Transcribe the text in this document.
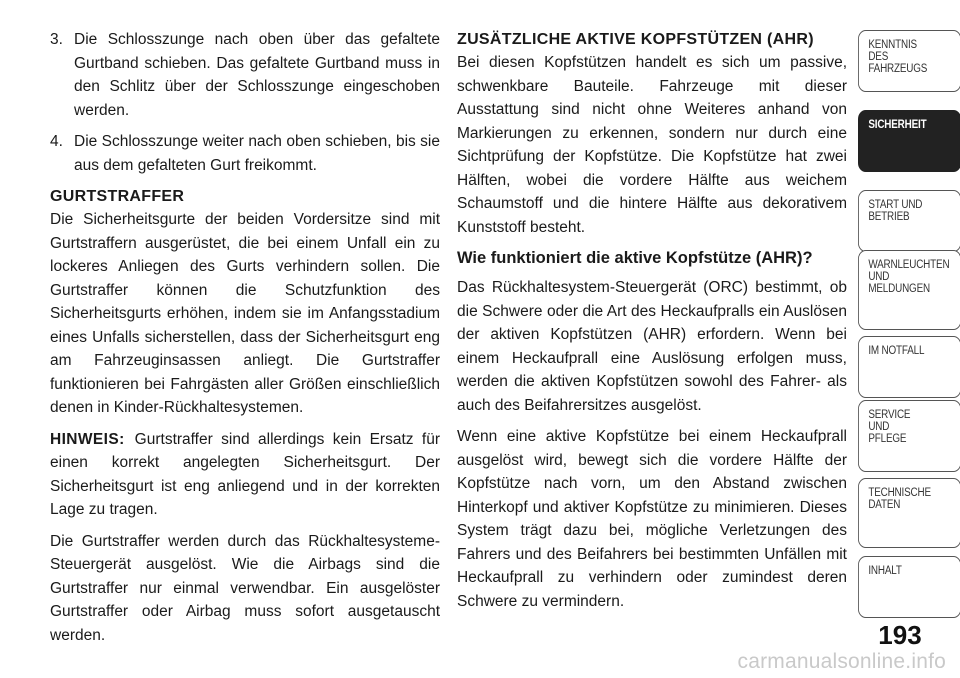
3. Die Schlosszunge nach oben über das gefaltete Gurtband schieben. Das gefaltete Gurtband muss in den Schlitz über der Schlosszunge eingeschoben werden.
4. Die Schlosszunge weiter nach oben schieben, bis sie aus dem gefalteten Gurt freikommt.
GURTSTRAFFER

Die Sicherheitsgurte der beiden Vordersitze sind mit Gurtstraffern ausgerüstet, die bei einem Unfall ein zu lockeres Anliegen des Gurts verhindern sollen. Die Gurtstraffer können die Schutzfunktion des Sicherheitsgurts erhöhen, indem sie im Anfangsstadium eines Unfalls sicherstellen, dass der Sicherheitsgurt eng am Fahrzeuginsassen anliegt. Die Gurtstraffer funktionieren bei Fahrgästen aller Größen einschließlich denen in Kinder-Rückhaltesystemen.

HINWEIS: Gurtstraffer sind allerdings kein Ersatz für einen korrekt angelegten Sicherheitsgurt. Der Sicherheitsgurt ist eng anliegend und in der korrekten Lage zu tragen.

Die Gurtstraffer werden durch das Rückhaltesysteme-Steuergerät ausgelöst. Wie die Airbags sind die Gurtstraffer nur einmal verwendbar. Ein ausgelöster Gurtstraffer oder Airbag muss sofort ausgetauscht werden.

ZUSÄTZLICHE AKTIVE KOPFSTÜTZEN (AHR)

Bei diesen Kopfstützen handelt es sich um passive, schwenkbare Bauteile. Fahrzeuge mit dieser Ausstattung sind nicht ohne Weiteres anhand von Markierungen zu erkennen, sondern nur durch eine Sichtprüfung der Kopfstütze. Die Kopfstütze hat zwei Hälften, wobei die vordere Hälfte aus weichem Schaumstoff und die hintere Hälfte aus dekorativem Kunststoff besteht.

Wie funktioniert die aktive Kopfstütze (AHR)?

Das Rückhaltesystem-Steuergerät (ORC) bestimmt, ob die Schwere oder die Art des Heckaufpralls ein Auslösen der aktiven Kopfstützen (AHR) erfordern. Wenn bei einem Heckaufprall eine Auslösung erfolgen muss, werden die aktiven Kopfstützen sowohl des Fahrer- als auch des Beifahrersitzes ausgelöst.

Wenn eine aktive Kopfstütze bei einem Heckaufprall ausgelöst wird, bewegt sich die vordere Hälfte der Kopfstütze nach vorn, um den Abstand zwischen Hinterkopf und aktiver Kopfstütze zu minimieren. Dieses System trägt dazu bei, mögliche Verletzungen des Fahrers und des Beifahrers bei bestimmten Unfällen mit Heckaufprall zu verhindern oder zumindest deren Schwere zu vermindern.

KENNTNIS
DES
FAHRZEUGS
SICHERHEIT
START UND
BETRIEB
WARNLEUCHTEN
UND
MELDUNGEN
IM NOTFALL
SERVICE
UND
PFLEGE
TECHNISCHE
DATEN
INHALT
193
carmanualsonline.info
